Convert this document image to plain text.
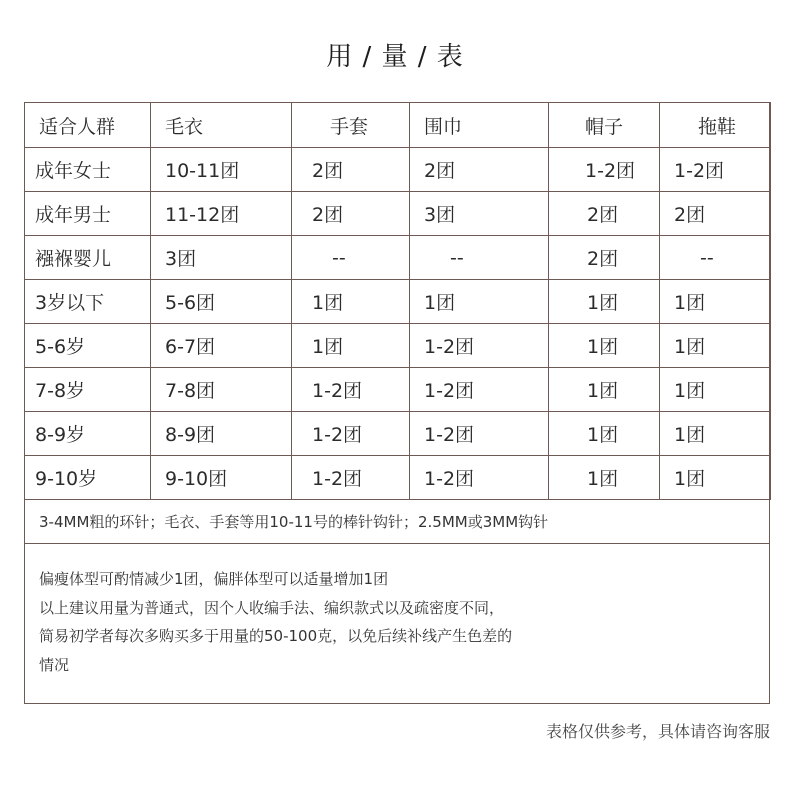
用 / 量 / 表
适合人群	毛衣	手套	围巾	帽子	拖鞋
成年女士	10-11团	2团	2团	1-2团	1-2团
成年男士	11-12团	2团	3团	2团	2团
襁褓婴儿	3团	--	--	2团	--
3岁以下	5-6团	1团	1团	1团	1团
5-6岁	6-7团	1团	1-2团	1团	1团
7-8岁	7-8团	1-2团	1-2团	1团	1团
8-9岁	8-9团	1-2团	1-2团	1团	1团
9-10岁	9-10团	1-2团	1-2团	1团	1团
3-4MM粗的环针；毛衣、手套等用10-11号的棒针钩针；2.5MM或3MM钩针
偏瘦体型可酌情减少1团，偏胖体型可以适量增加1团
以上建议用量为普通式，因个人收编手法、编织款式以及疏密度不同，
简易初学者每次多购买多于用量的50-100克，以免后续补线产生色差的
情况
表格仅供参考，具体请咨询客服
